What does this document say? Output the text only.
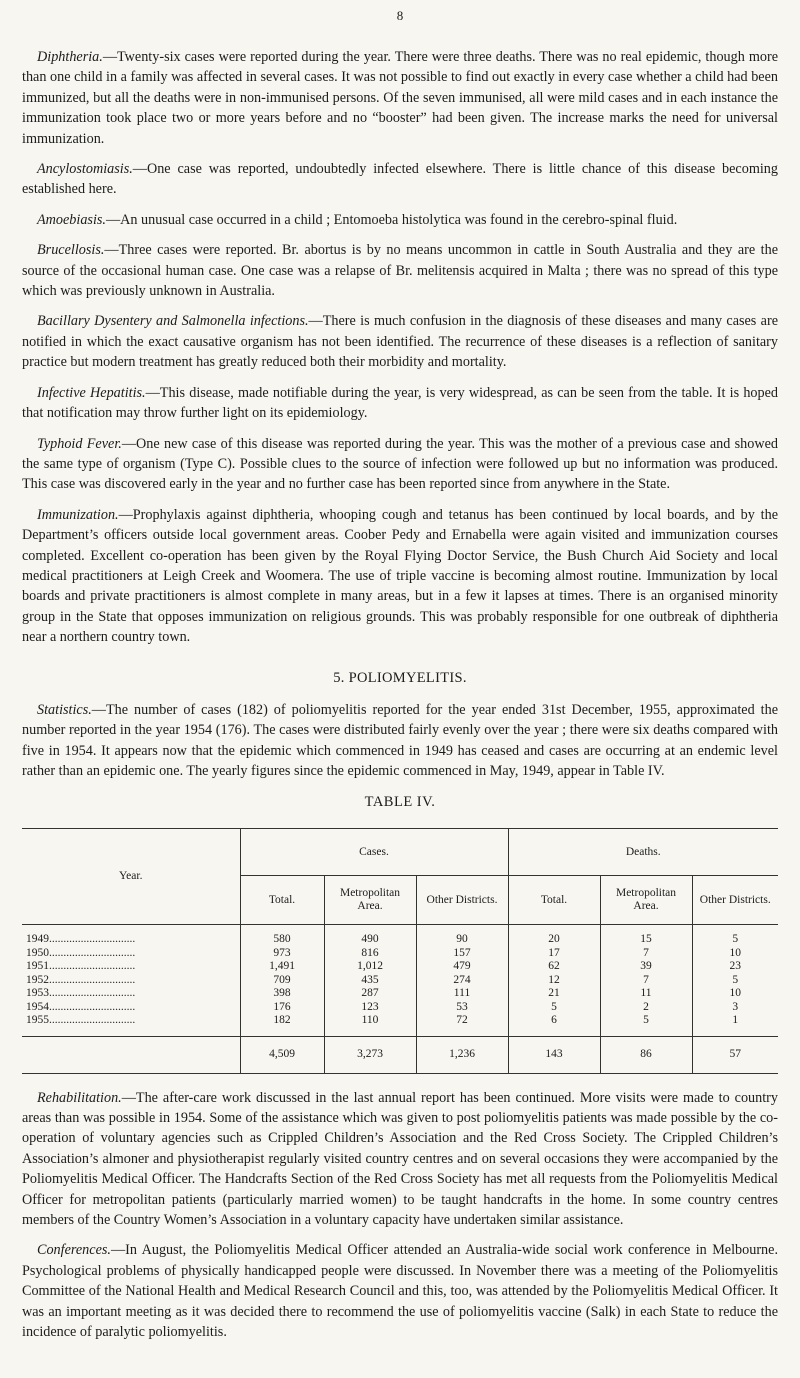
8

Diphtheria.—Twenty-six cases were reported during the year. There were three deaths. There was no real epidemic, though more than one child in a family was affected in several cases. It was not possible to find out exactly in every case whether a child had been immunized, but all the deaths were in non-immunised persons. Of the seven immunised, all were mild cases and in each instance the immunization took place two or more years before and no “booster” had been given. The increase marks the need for universal immunization.

Ancylostomiasis.—One case was reported, undoubtedly infected elsewhere. There is little chance of this disease becoming established here.

Amoebiasis.—An unusual case occurred in a child ; Entomoeba histolytica was found in the cerebro-spinal fluid.

Brucellosis.—Three cases were reported. Br. abortus is by no means uncommon in cattle in South Australia and they are the source of the occasional human case. One case was a relapse of Br. melitensis acquired in Malta ; there was no spread of this type which was previously unknown in Australia.

Bacillary Dysentery and Salmonella infections.—There is much confusion in the diagnosis of these diseases and many cases are notified in which the exact causative organism has not been identified. The recurrence of these diseases is a reflection of sanitary practice but modern treatment has greatly reduced both their morbidity and mortality.

Infective Hepatitis.—This disease, made notifiable during the year, is very widespread, as can be seen from the table. It is hoped that notification may throw further light on its epidemiology.

Typhoid Fever.—One new case of this disease was reported during the year. This was the mother of a previous case and showed the same type of organism (Type C). Possible clues to the source of infection were followed up but no information was produced. This case was discovered early in the year and no further case has been reported since from anywhere in the State.

Immunization.—Prophylaxis against diphtheria, whooping cough and tetanus has been continued by local boards, and by the Department’s officers outside local government areas. Coober Pedy and Ernabella were again visited and immunization courses completed. Excellent co-operation has been given by the Royal Flying Doctor Service, the Bush Church Aid Society and local medical practitioners at Leigh Creek and Woomera. The use of triple vaccine is becoming almost routine. Immunization by local boards and private practitioners is almost complete in many areas, but in a few it lapses at times. There is an organised minority group in the State that opposes immunization on religious grounds. This was probably responsible for one outbreak of diphtheria near a northern country town.

5. POLIOMYELITIS.

Statistics.—The number of cases (182) of poliomyelitis reported for the year ended 31st December, 1955, approximated the number reported in the year 1954 (176). The cases were distributed fairly evenly over the year ; there were six deaths compared with five in 1954. It appears now that the epidemic which commenced in 1949 has ceased and cases are occurring at an endemic level rather than an epidemic one. The yearly figures since the epidemic commenced in May, 1949, appear in Table IV.

TABLE IV.
Year.	Cases.			Deaths.		
	Total.	Metropolitan Area.	Other Districts.	Total.	Metropolitan Area.	Other Districts.
1949..............................	580	490	90	20	15	5
1950..............................	973	816	157	17	7	10
1951..............................	1,491	1,012	479	62	39	23
1952..............................	709	435	274	12	7	5
1953..............................	398	287	111	21	11	10
1954..............................	176	123	53	5	2	3
1955..............................	182	110	72	6	5	1
	4,509	3,273	1,236	143	86	57

Rehabilitation.—The after-care work discussed in the last annual report has been continued. More visits were made to country areas than was possible in 1954. Some of the assistance which was given to post poliomyelitis patients was made possible by the co-operation of voluntary agencies such as Crippled Children’s Association and the Red Cross Society. The Crippled Children’s Association’s almoner and physiotherapist regularly visited country centres and on several occasions they were accompanied by the Poliomyelitis Medical Officer. The Handcrafts Section of the Red Cross Society has met all requests from the Poliomyelitis Medical Officer for metropolitan patients (particularly married women) to be taught handcrafts in the home. In some country centres members of the Country Women’s Association in a voluntary capacity have undertaken similar assistance.

Conferences.—In August, the Poliomyelitis Medical Officer attended an Australia-wide social work conference in Melbourne. Psychological problems of physically handicapped people were discussed. In November there was a meeting of the Poliomyelitis Committee of the National Health and Medical Research Council and this, too, was attended by the Poliomyelitis Medical Officer. It was an important meeting as it was decided there to recommend the use of poliomyelitis vaccine (Salk) in each State to reduce the incidence of paralytic poliomyelitis.
